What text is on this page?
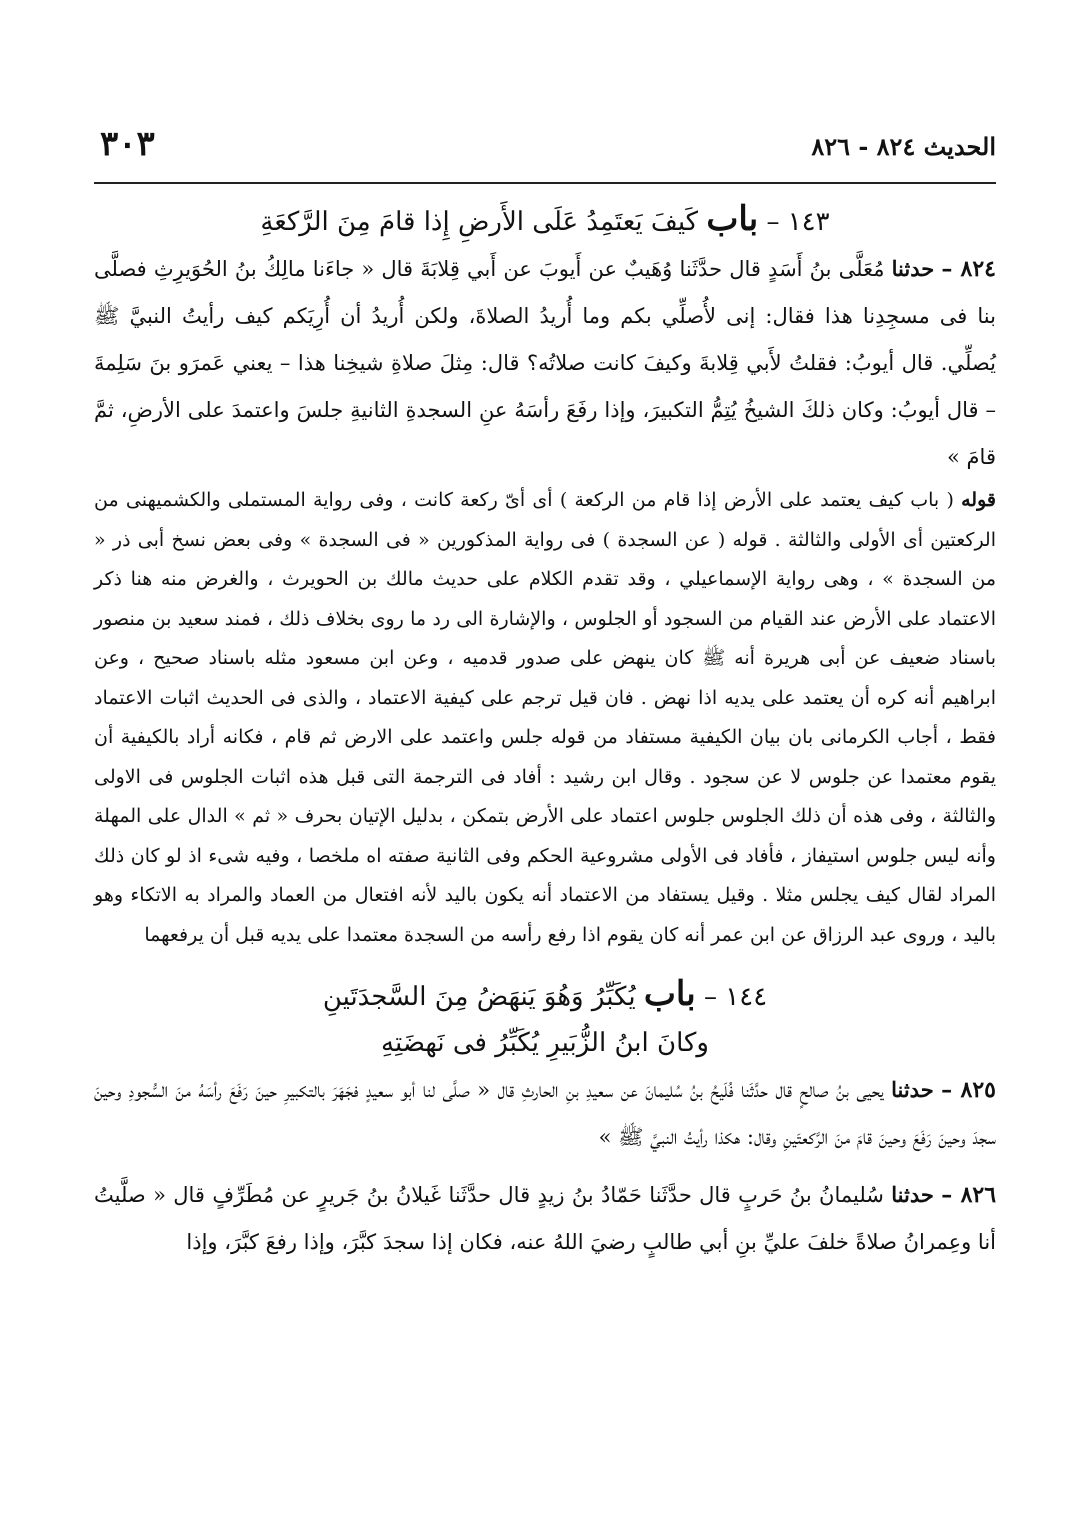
الحديث ٨٢٤ - ٨٢٦
٣٠٣
١٤٣ – باب كَيفَ يَعتَمِدُ عَلَى الأَرضِ إِذا قامَ مِنَ الرَّكعَةِ

٨٢٤ – حدثنا مُعَلَّى بنُ أَسَدٍ قال حدَّثَنا وُهَيبٌ عن أَيوبَ عن أَبي قِلابَةَ قال « جاءَنا مالِكُ بنُ الحُوَيرِثِ فصلَّى بنا فى مسجِدِنا هذا فقال: إنى لأُصلِّي بكم وما أُريدُ الصلاةَ، ولكن أُريدُ أن أُرِيَكم كيف رأيتُ النبيَّ ﷺ يُصلِّي. قال أيوبُ: فقلتُ لأَبي قِلابةَ وكيفَ كانت صلاتُه؟ قال: مِثلَ صلاةِ شيخِنا هذا – يعني عَمرَو بنَ سَلِمةَ – قال أيوبُ: وكان ذلكَ الشيخُ يُتِمُّ التكبيرَ، وإذا رفَعَ رأسَهُ عنِ السجدةِ الثانيةِ جلسَ واعتمدَ على الأرضِ، ثمَّ قامَ »

قوله ( باب كيف يعتمد على الأرض إذا قام من الركعة ) أى أىّ ركعة كانت ، وفى رواية المستملى والكشميهنى من الركعتين أى الأولى والثالثة . قوله ( عن السجدة ) فى رواية المذكورين « فى السجدة » وفى بعض نسخ أبى ذر « من السجدة » ، وهى رواية الإسماعيلي ، وقد تقدم الكلام على حديث مالك بن الحويرث ، والغرض منه هنا ذكر الاعتماد على الأرض عند القيام من السجود أو الجلوس ، والإشارة الى رد ما روى بخلاف ذلك ، فمند سعيد بن منصور باسناد ضعيف عن أبى هريرة أنه ﷺ كان ينهض على صدور قدميه ، وعن ابن مسعود مثله باسناد صحيح ، وعن ابراهيم أنه كره أن يعتمد على يديه اذا نهض . فان قيل ترجم على كيفية الاعتماد ، والذى فى الحديث اثبات الاعتماد فقط ، أجاب الكرمانى بان بيان الكيفية مستفاد من قوله جلس واعتمد على الارض ثم قام ، فكانه أراد بالكيفية أن يقوم معتمدا عن جلوس لا عن سجود . وقال ابن رشيد : أفاد فى الترجمة التى قبل هذه اثبات الجلوس فى الاولى والثالثة ، وفى هذه أن ذلك الجلوس جلوس اعتماد على الأرض بتمكن ، بدليل الإتيان بحرف « ثم » الدال على المهلة وأنه ليس جلوس استيفاز ، فأفاد فى الأولى مشروعية الحكم وفى الثانية صفته اه ملخصا ، وفيه شىء اذ لو كان ذلك المراد لقال كيف يجلس مثلا . وقيل يستفاد من الاعتماد أنه يكون باليد لأنه افتعال من العماد والمراد به الاتكاء وهو باليد ، وروى عبد الرزاق عن ابن عمر أنه كان يقوم اذا رفع رأسه من السجدة معتمدا على يديه قبل أن يرفعهما

١٤٤ – باب يُكَبِّرُ وَهُوَ يَنهَضُ مِنَ السَّجدَتَينِ
وكانَ ابنُ الزُّبَيرِ يُكَبِّرُ فى نَهضَتِهِ

٨٢٥ – حدثنا يحيى بنُ صالحٍ قال حدَّثَنا فُلَيحُ بنُ سُليمانَ عن سعيدِ بنِ الحارثِ قال « صلَّى لنا أبو سعيدٍ فجَهَرَ بالتكبيرِ حينَ رَفَعَ رأسَهُ منَ السُّجودِ وحينَ سجدَ وحينَ رَفَعَ وحينَ قامَ منَ الرَّكعتَينِ وقال: هكذا رأيتُ النبيَّ ﷺ »

٨٢٦ – حدثنا سُليمانُ بنُ حَربٍ قال حدَّثَنا حَمّادُ بنُ زيدٍ قال حدَّثَنا غَيلانُ بنُ جَريرٍ عن مُطَرِّفٍ قال « صلَّيتُ أنا وعِمرانُ صلاةً خلفَ عليِّ بنِ أبي طالبٍ رضيَ اللهُ عنه، فكان إذا سجدَ كبَّرَ، وإذا رفعَ كبَّرَ، وإذا
